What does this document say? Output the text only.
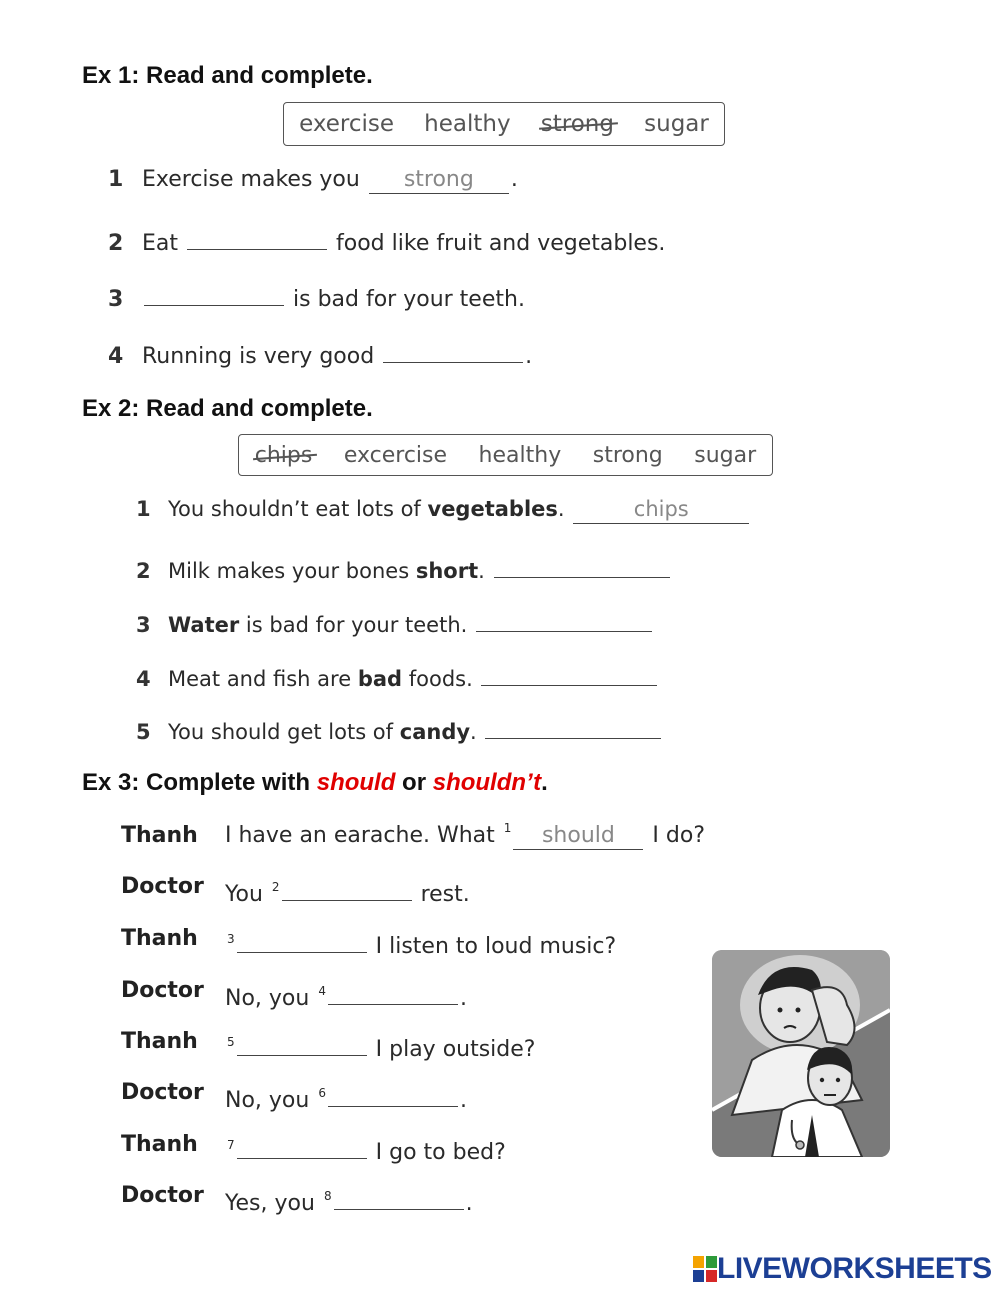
Ex 1: Read and complete.
exercise healthy strong sugar
1 Exercise makes you
	strong	.
2 Eat

	food like fruit and vegetables.
3
	is bad for your teeth.
4 Running is very good
	.
Ex 2: Read and complete.
chips excercise healthy strong sugar
1 You shouldn’t eat lots of
vegetables .
	chips
2 Milk makes your bones
short .

3 Water
is bad for your teeth.

4 Meat and fish are
bad
foods.

5 You should get lots of
candy .

Ex 3: Complete with should or shouldn’t.
Thanh I have an earache. What
$^1$	should
	I do?
Doctor You
$^2$
	rest.
Thanh $^3$
	I listen to loud music?
Doctor No, you
$^4$	.
Thanh $^5$
	I play outside?
Doctor No, you
$^6$	.
Thanh $^7$
	I go to bed?
Doctor Yes, you
$^8$	.
LIVEWORKSHEETS
